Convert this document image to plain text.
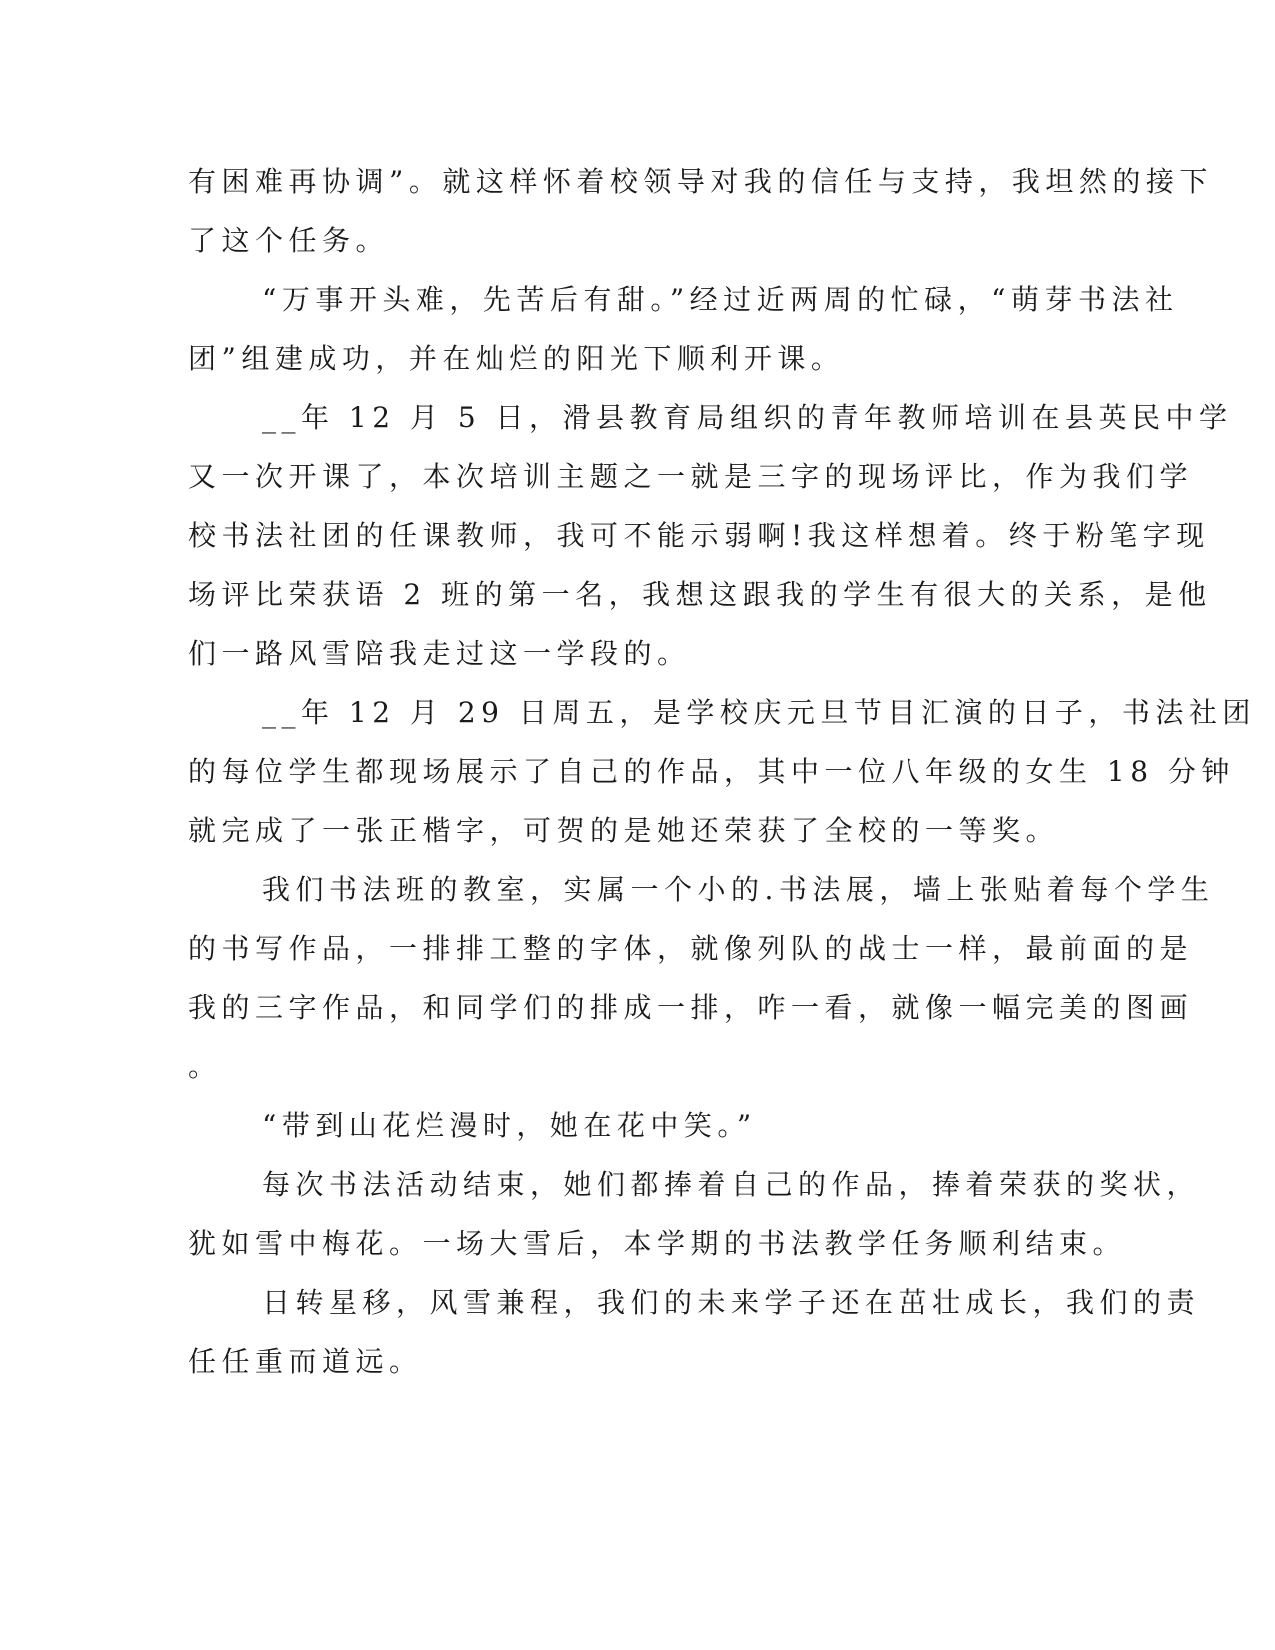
有困难再协调”。就这样怀着校领导对我的信任与支持，我坦然的接下
了这个任务。
“万事开头难，先苦后有甜。”经过近两周的忙碌，“萌芽书法社
团”组建成功，并在灿烂的阳光下顺利开课。
__年 12 月 5 日，滑县教育局组织的青年教师培训在县英民中学
又一次开课了，本次培训主题之一就是三字的现场评比，作为我们学
校书法社团的任课教师，我可不能示弱啊!我这样想着。终于粉笔字现
场评比荣获语 2 班的第一名，我想这跟我的学生有很大的关系，是他
们一路风雪陪我走过这一学段的。
__年 12 月 29 日周五，是学校庆元旦节目汇演的日子，书法社团
的每位学生都现场展示了自己的作品，其中一位八年级的女生 18 分钟
就完成了一张正楷字，可贺的是她还荣获了全校的一等奖。
我们书法班的教室，实属一个小的.书法展，墙上张贴着每个学生
的书写作品，一排排工整的字体，就像列队的战士一样，最前面的是
我的三字作品，和同学们的排成一排，咋一看，就像一幅完美的图画
。
“带到山花烂漫时，她在花中笑。”
每次书法活动结束，她们都捧着自己的作品，捧着荣获的奖状，
犹如雪中梅花。一场大雪后，本学期的书法教学任务顺利结束。
日转星移，风雪兼程，我们的未来学子还在茁壮成长，我们的责
任任重而道远。
